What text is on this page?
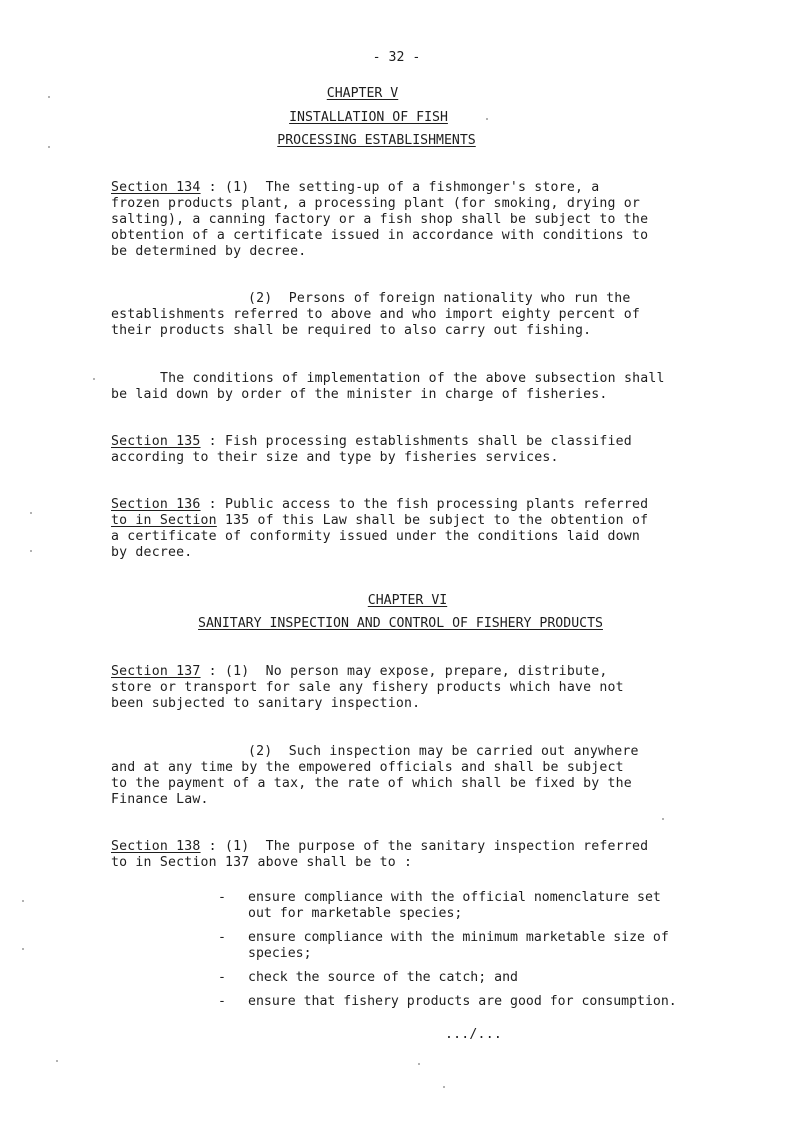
- 32 -
CHAPTER V
INSTALLATION OF FISH
PROCESSING ESTABLISHMENTS
Section 134 : (1)  The setting-up of a fishmonger's store, a
frozen products plant, a processing plant (for smoking, drying or
salting), a canning factory or a fish shop shall be subject to the
obtention of a certificate issued in accordance with conditions to
be determined by decree.
(2)  Persons of foreign nationality who run the
establishments referred to above and who import eighty percent of
their products shall be required to also carry out fishing.
The conditions of implementation of the above subsection shall
be laid down by order of the minister in charge of fisheries.
Section 135 : Fish processing establishments shall be classified
according to their size and type by fisheries services.
Section 136 : Public access to the fish processing plants referred
to in Section 135 of this Law shall be subject to the obtention of
a certificate of conformity issued under the conditions laid down
by decree.
CHAPTER VI
SANITARY INSPECTION AND CONTROL OF FISHERY PRODUCTS
Section 137 : (1)  No person may expose, prepare, distribute,
store or transport for sale any fishery products which have not
been subjected to sanitary inspection.
(2)  Such inspection may be carried out anywhere
and at any time by the empowered officials and shall be subject
to the payment of a tax, the rate of which shall be fixed by the
Finance Law.
Section 138 : (1)  The purpose of the sanitary inspection referred
to in Section 137 above shall be to :
- ensure compliance with the official nomenclature set
out for marketable species;
- ensure compliance with the minimum marketable size of
species;
- check the source of the catch; and
- ensure that fishery products are good for consumption.
.../...
